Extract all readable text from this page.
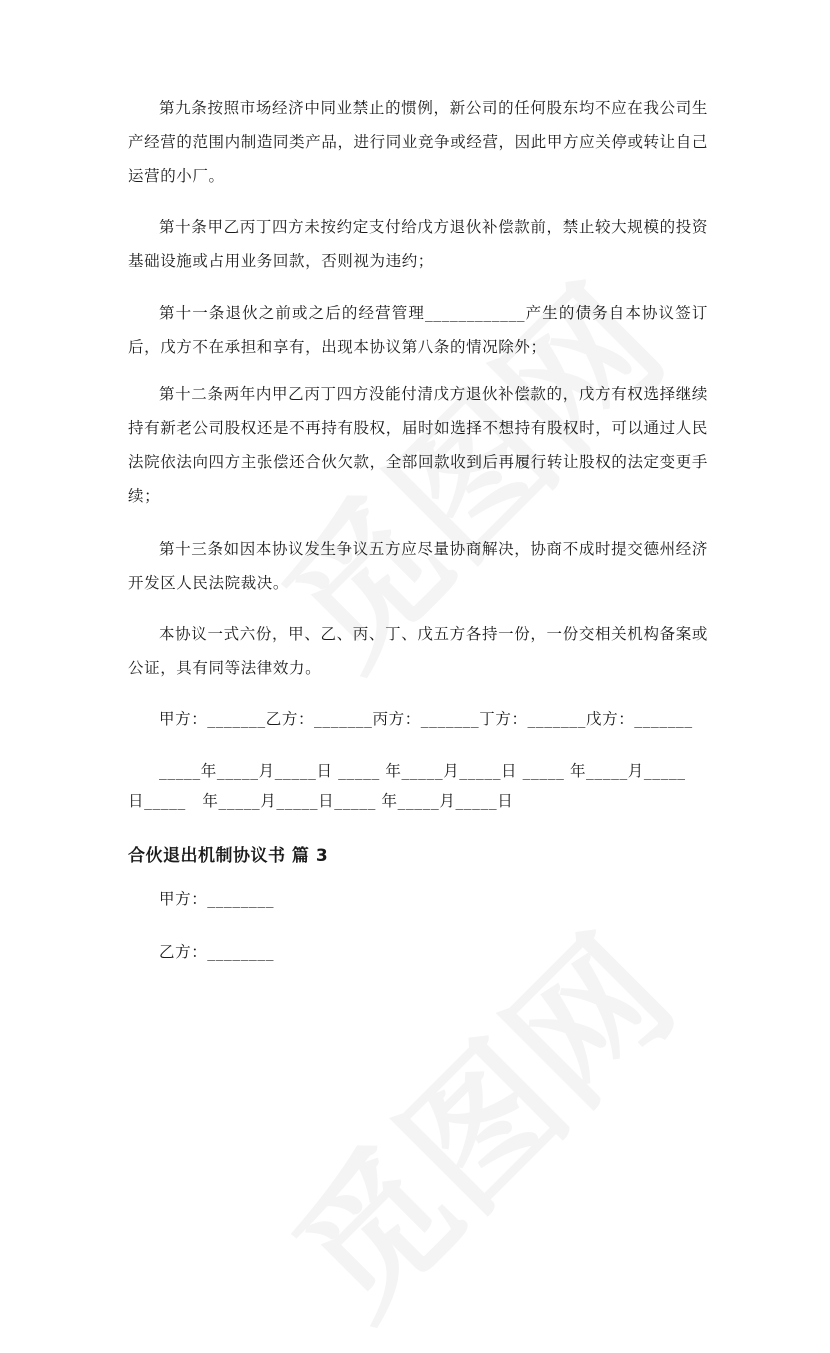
第九条按照市场经济中同业禁止的惯例，新公司的任何股东均不应在我公司生产经营的范围内制造同类产品，进行同业竞争或经营，因此甲方应关停或转让自己运营的小厂。

第十条甲乙丙丁四方未按约定支付给戊方退伙补偿款前，禁止较大规模的投资基础设施或占用业务回款，否则视为违约；

第十一条退伙之前或之后的经营管理____________产生的债务自本协议签订后，戊方不在承担和享有，出现本协议第八条的情况除外；

第十二条两年内甲乙丙丁四方没能付清戊方退伙补偿款的，戊方有权选择继续持有新老公司股权还是不再持有股权，届时如选择不想持有股权时，可以通过人民法院依法向四方主张偿还合伙欠款，全部回款收到后再履行转让股权的法定变更手续；

第十三条如因本协议发生争议五方应尽量协商解决，协商不成时提交德州经济开发区人民法院裁决。

本协议一式六份，甲、乙、丙、丁、戊五方各持一份，一份交相关机构备案或公证，具有同等法律效力。

甲方：_______乙方：_______丙方：_______丁方：_______戊方：_______
_____年_____月_____日 _____ 年_____月_____日 _____ 年_____月_____
日_____   年_____月_____日_____ 年_____月_____日
合伙退出机制协议书 篇 3
甲方：________
乙方：________
